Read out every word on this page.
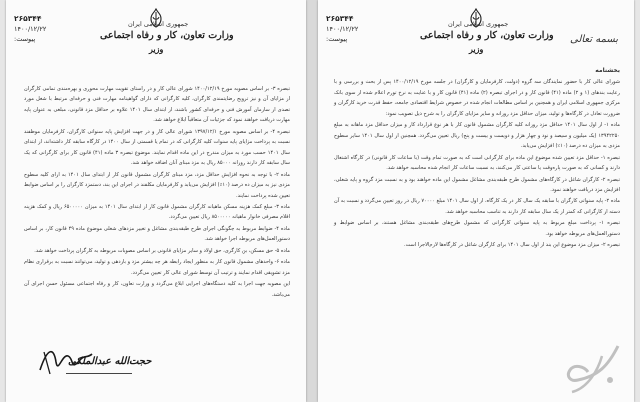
جمهوری اسلامی ایران
وزارت تعاون، کار و رفاه اجتماعی
وزیر
۲۶۵۳۴۴
۱۴۰۰/۱۲/۲۲
پیوست:

تبصره ۳- بر اساس مصوبه مورخ ۱۴۰۰/۱۲/۱۹ شورای عالی کار و در راستای تقویت مهارت محوری و بهره‌مندی تمامی کارگران از مزایای آن و نیز ترویج رضایتمندی کارگران، کلیه کارگرانی که دارای گواهینامه مهارت فنی و حرفه‌ای مرتبط با شغل مورد تصدی از سازمان آموزش فنی و حرفه‌ای کشور باشند، از ابتدای سال ۱۴۰۱ علاوه بر حداقل مزد قانونی، مبلغی به عنوان پایه مهارت دریافت خواهند نمود که جزئیات آن متعاقباً ابلاغ خواهد شد.

تبصره ۴- بر اساس مصوبه مورخ ۱۳۹۷/۱۲/۱ شورای عالی کار و در جهت افزایش پایه سنواتی کارگران، کارفرمایان موظفند نسبت به پرداخت مزایای پایه سنوات کلیه کارگرانی که در تمام یا قسمتی از سال ۱۴۰۰ در کارگاه سابقه کار داشته‌اند، از ابتدای سال ۱۴۰۱ حسب مورد به میزان مندرج در این ماده اقدام نمایند. موضوع تبصره ۳ ماده (۴۱) قانون کار برای کارگرانی که یک سال سابقه کار دارند روزانه ۸۵۰۰۰ ریال به مزد مبنای آنان اضافه خواهد شد.

ماده ۲- با توجه به نحوه افزایش حداقل مزد، مزد مبنای کارگران مشمول قانون کار از ابتدای سال ۱۴۰۱ به ازای کلیه سطوح مزدی نیز به میزان ده درصد (۱۰٪) افزایش می‌یابد و کارفرمایان مکلفند در اجرای این بند، دستمزد کارگران را بر اساس ضوابط تعیین شده پرداخت نمایند.

ماده ۳- مبلغ کمک هزینه مسکن ماهیانه کارگران مشمول قانون کار از ابتدای سال ۱۴۰۱ به میزان ۶۵۰۰۰۰۰ ریال و کمک هزینه اقلام مصرفی خانوار ماهیانه ۸۵۰۰۰۰۰ ریال تعیین می‌گردد.

ماده ۴- ضوابط مربوط به چگونگی اجرای طرح طبقه‌بندی مشاغل و تغییر مزدهای شغلی موضوع ماده ۴۹ قانون کار، بر اساس دستورالعمل‌های مربوطه اجرا خواهد شد.

ماده ۵- حق مسکن، بن کارگری، حق اولاد و سایر مزایای قانونی بر اساس مصوبات مربوطه به کارگران پرداخت خواهد شد.

ماده ۶- واحدهای مشمول قانون کار به منظور ایجاد رابطه هر چه بیشتر مزد و بازدهی و تولید، می‌توانند نسبت به برقراری نظام مزد تشویقی اقدام نمایند و ترتیب آن توسط شورای عالی کار تعیین می‌گردد.

این مصوبه جهت اجرا به کلیه دستگاه‌های اجرایی ابلاغ می‌گردد و وزارت تعاون، کار و رفاه اجتماعی مسئول حسن اجرای آن می‌باشد.

حجت‌الله عبدالملکی
جمهوری اسلامی ایران
وزارت تعاون، کار و رفاه اجتماعی
وزیر
بسمه تعالی
۲۶۵۳۴۴
۱۴۰۰/۱۲/۲۲
پیوست:

بخشنامه

شورای عالی کار با حضور نمایندگان سه گروه (دولت، کارفرمایان و کارگران) در جلسه مورخ ۱۴۰۰/۱۲/۱۹ پس از بحث و بررسی و با رعایت بندهای (۱ و ۲) ماده (۴۱) قانون کار و در اجرای تبصره (۲) ماده (۴۱) قانون کار و با عنایت به نرخ تورم اعلام شده از سوی بانک مرکزی جمهوری اسلامی ایران و همچنین بر اساس مطالعات انجام شده در خصوص شرایط اقتصادی جامعه، حفظ قدرت خرید کارگران و ضرورت تعادل در کارگاه‌ها و تولید، میزان حداقل مزد روزانه و سایر مزایای کارگران را به شرح ذیل تصویب نمود:

ماده ۱- از اول سال ۱۴۰۱ حداقل مزد روزانه کلیه کارگران مشمول قانون کار با هر نوع قرارداد کار و میزان حداقل مزد ماهانه به مبلغ ۱۳۹۴۲۲۵۰ (یک میلیون و سیصد و نود و چهار هزار و دویست و بیست و پنج) ریال تعیین می‌گردد. همچنین از اول سال ۱۴۰۱ سایر سطوح مزدی به میزان ده درصد (۱۰٪) افزایش می‌یابد.

تبصره ۱- حداقل مزد تعیین شده موضوع این ماده برای کارگرانی است که به صورت تمام وقت (با ساعات کار قانونی) در کارگاه اشتغال دارند و کسانی که به صورت پاره‌وقت یا ساعتی کار می‌کنند، به نسبت ساعات کار انجام شده محاسبه خواهد شد.

تبصره ۲- کارگران شاغل در کارگاه‌های مشمول طرح طبقه‌بندی مشاغل مشمول این ماده خواهند بود و به نسبت مزد گروه و پایه شغلی، افزایش مزد دریافت خواهند نمود.

ماده ۲- پایه سنواتی کارگران با سابقه یک سال کار در یک کارگاه، از اول سال ۱۴۰۱ مبلغ ۷۰۰۰۰ ریال در روز تعیین می‌گردد و نسبت به آن دسته از کارگرانی که کمتر از یک سال سابقه کار دارند به تناسب محاسبه خواهد شد.

تبصره ۱- پرداخت مبلغ مربوط به پایه سنواتی کارگرانی که مشمول طرح‌های طبقه‌بندی مشاغل هستند، بر اساس ضوابط و دستورالعمل‌های مربوطه خواهد بود.

تبصره ۲- میزان مزد موضوع این بند از اول سال ۱۴۰۱ برای کارگران شاغل در کارگاه‌ها لازم‌الاجرا است.
